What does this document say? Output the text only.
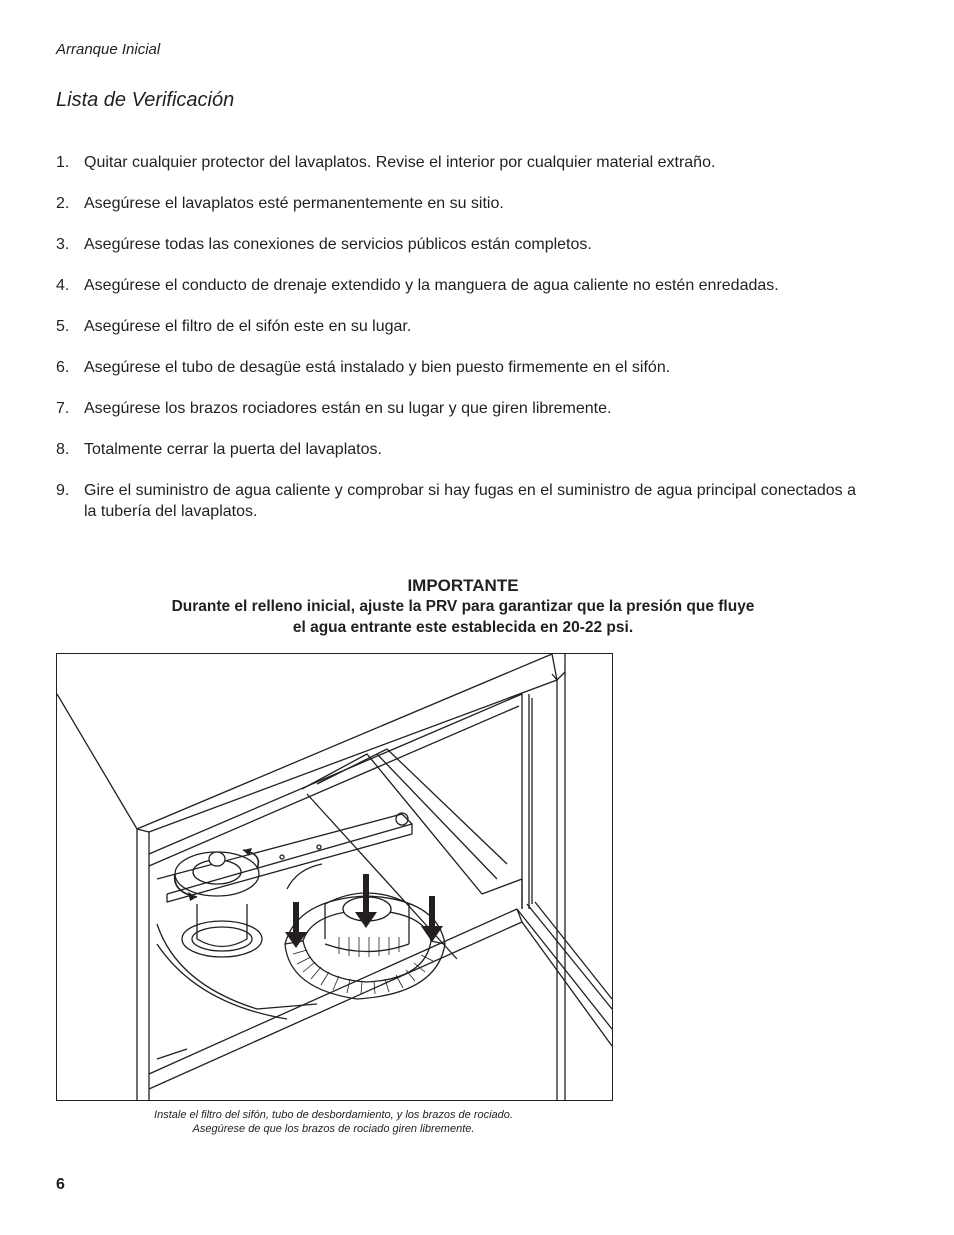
Arranque Inicial
Lista de Verificación
1. Quitar cualquier protector del lavaplatos. Revise el interior por cualquier material extraño.
2. Asegúrese el lavaplatos esté permanentemente en su sitio.
3. Asegúrese todas las conexiones de servicios públicos están completos.
4. Asegúrese el conducto de drenaje extendido y la manguera de agua caliente no estén enredadas.
5. Asegúrese el filtro de el sifón este en su lugar.
6. Asegúrese el tubo de desagüe está instalado y bien puesto firmemente en el sifón.
7. Asegúrese los brazos rociadores están en su lugar y que giren libremente.
8. Totalmente cerrar la puerta del lavaplatos.
9. Gire el suministro de agua caliente y comprobar si hay fugas en el suministro de agua principal conectados a la tubería del lavaplatos.
IMPORTANTE
Durante el relleno inicial, ajuste la PRV para garantizar que la presión que fluye
el agua entrante este establecida en 20-22 psi.
Instale el filtro del sifón, tubo de desbordamiento, y los brazos de rociado.
Asegúrese de que los brazos de rociado giren libremente.
6
